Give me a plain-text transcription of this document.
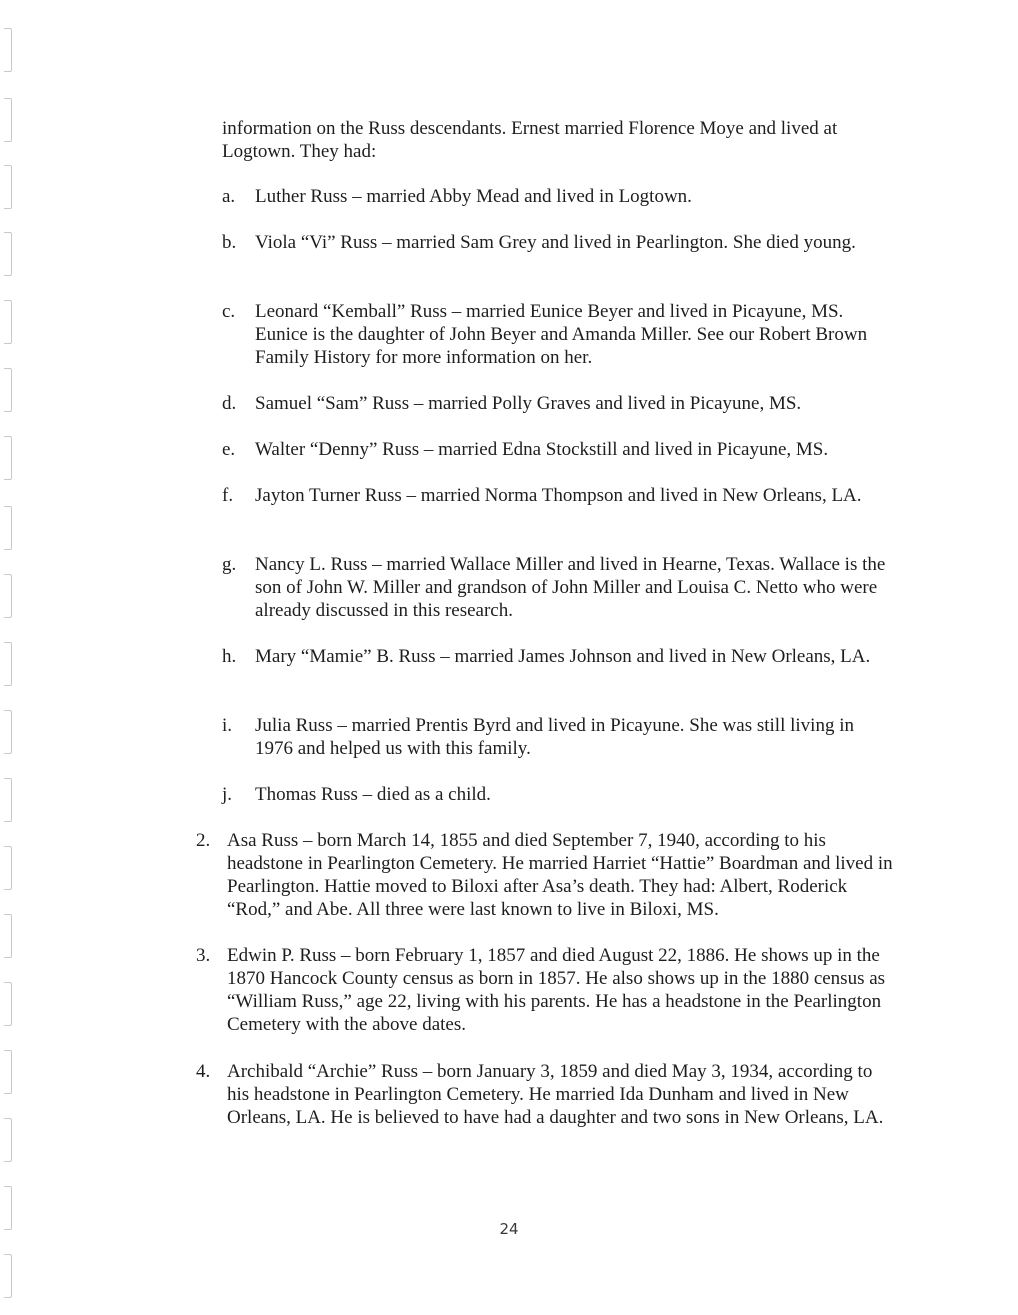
information on the Russ descendants. Ernest married Florence Moye and lived at Logtown. They had:

a. Luther Russ – married Abby Mead and lived in Logtown.
b. Viola “Vi” Russ – married Sam Grey and lived in Pearlington. She died young.
c. Leonard “Kemball” Russ – married Eunice Beyer and lived in Picayune, MS. Eunice is the daughter of John Beyer and Amanda Miller. See our Robert Brown Family History for more information on her.
d. Samuel “Sam” Russ – married Polly Graves and lived in Picayune, MS.
e. Walter “Denny” Russ – married Edna Stockstill and lived in Picayune, MS.
f. Jayton Turner Russ – married Norma Thompson and lived in New Orleans, LA.
g. Nancy L. Russ – married Wallace Miller and lived in Hearne, Texas. Wallace is the son of John W. Miller and grandson of John Miller and Louisa C. Netto who were already discussed in this research.
h. Mary “Mamie” B. Russ – married James Johnson and lived in New Orleans, LA.
i. Julia Russ – married Prentis Byrd and lived in Picayune. She was still living in 1976 and helped us with this family.
j. Thomas Russ – died as a child.
2. Asa Russ – born March 14, 1855 and died September 7, 1940, according to his headstone in Pearlington Cemetery. He married Harriet “Hattie” Boardman and lived in Pearlington. Hattie moved to Biloxi after Asa’s death. They had: Albert, Roderick “Rod,” and Abe. All three were last known to live in Biloxi, MS.
3. Edwin P. Russ – born February 1, 1857 and died August 22, 1886. He shows up in the 1870 Hancock County census as born in 1857. He also shows up in the 1880 census as “William Russ,” age 22, living with his parents. He has a headstone in the Pearlington Cemetery with the above dates.
4. Archibald “Archie” Russ – born January 3, 1859 and died May 3, 1934, according to his headstone in Pearlington Cemetery. He married Ida Dunham and lived in New Orleans, LA. He is believed to have had a daughter and two sons in New Orleans, LA.
24
